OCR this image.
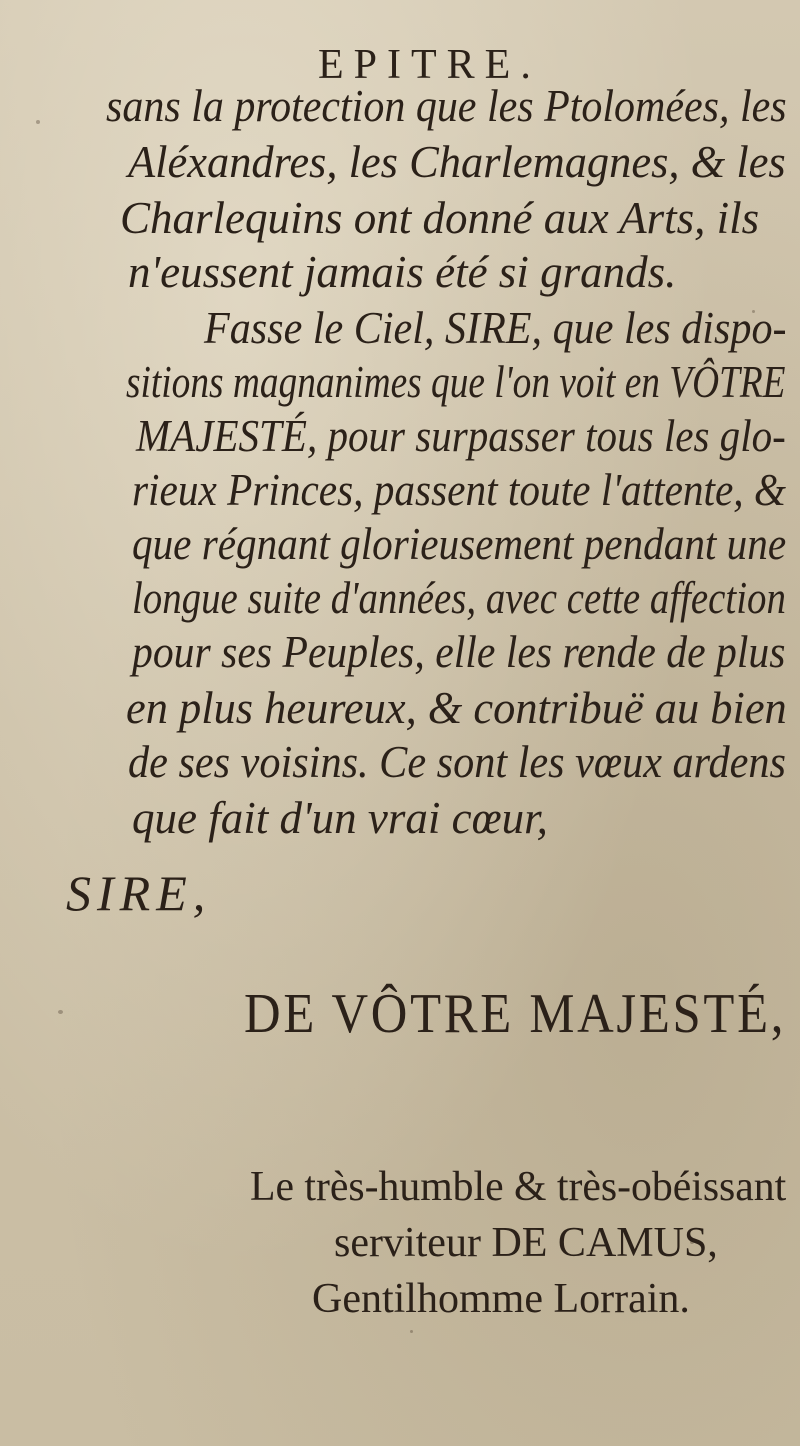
EPITRE.

sans la protection que les Ptolomées, les

Aléxandres, les Charlemagnes, & les

Charlequins ont donné aux Arts, ils

n'eussent jamais été si grands.

Fasse le Ciel, SIRE, que les dispo-

sitions magnanimes que l'on voit en VÔTRE

MAJESTÉ, pour surpasser tous les glo-

rieux Princes, passent toute l'attente, &

que régnant glorieusement pendant une

longue suite d'années, avec cette affection

pour ses Peuples, elle les rende de plus

en plus heureux, & contribuë au bien

de ses voisins. Ce sont les vœux ardens

que fait d'un vrai cœur,

SIRE,

DE VÔTRE MAJESTÉ,

Le très-humble & très-obéissant

serviteur DE CAMUS,

Gentilhomme Lorrain.
